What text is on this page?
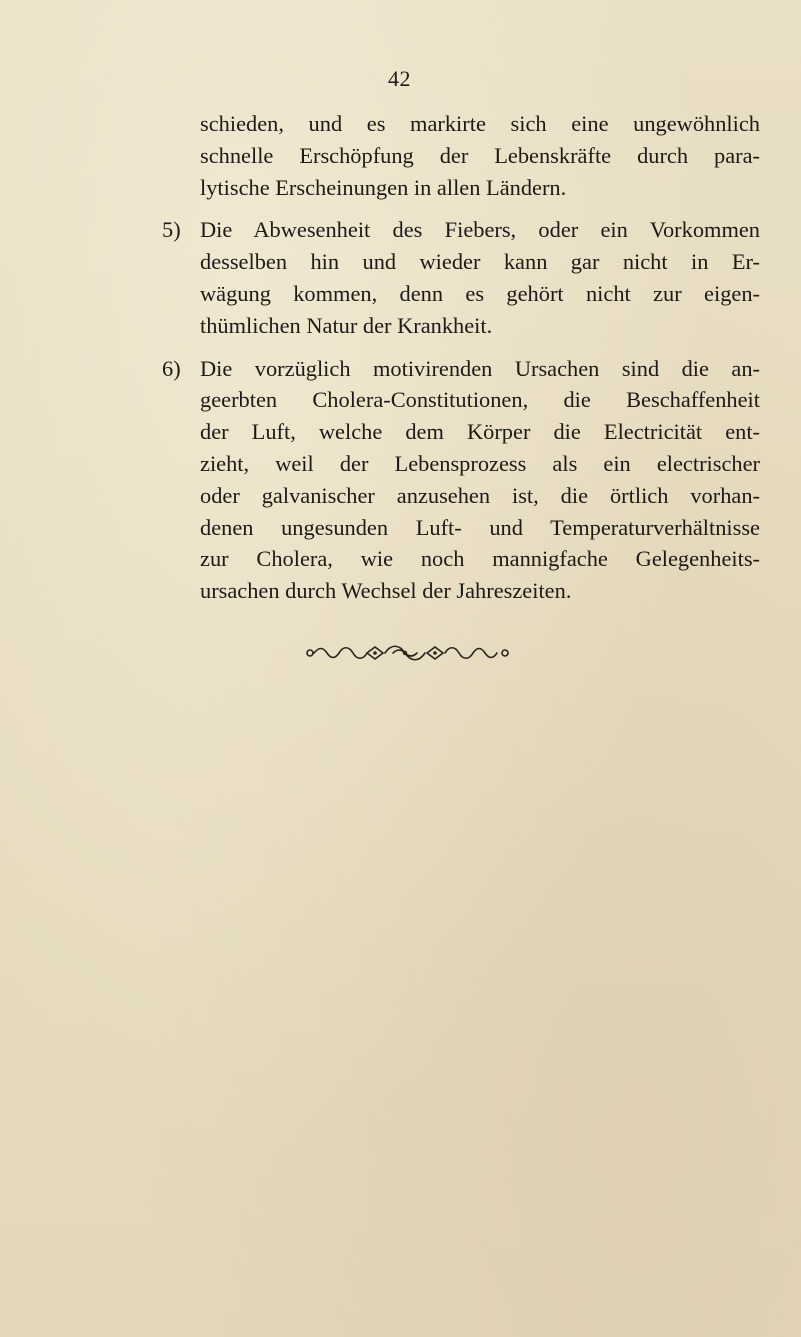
42
schieden, und es markirte sich eine ungewöhnlich
schnelle Erschöpfung der Lebenskräfte durch para-
lytische Erscheinungen in allen Ländern.
5) Die Abwesenheit des Fiebers, oder ein Vorkommen
desselben hin und wieder kann gar nicht in Er-
wägung kommen, denn es gehört nicht zur eigen-
thümlichen Natur der Krankheit.
6) Die vorzüglich motivirenden Ursachen sind die an-
geerbten Cholera-Constitutionen, die Beschaffenheit
der Luft, welche dem Körper die Electricität ent-
zieht, weil der Lebensprozess als ein electrischer
oder galvanischer anzusehen ist, die örtlich vorhan-
denen ungesunden Luft- und Temperaturverhältnisse
zur Cholera, wie noch mannigfache Gelegenheits-
ursachen durch Wechsel der Jahreszeiten.
